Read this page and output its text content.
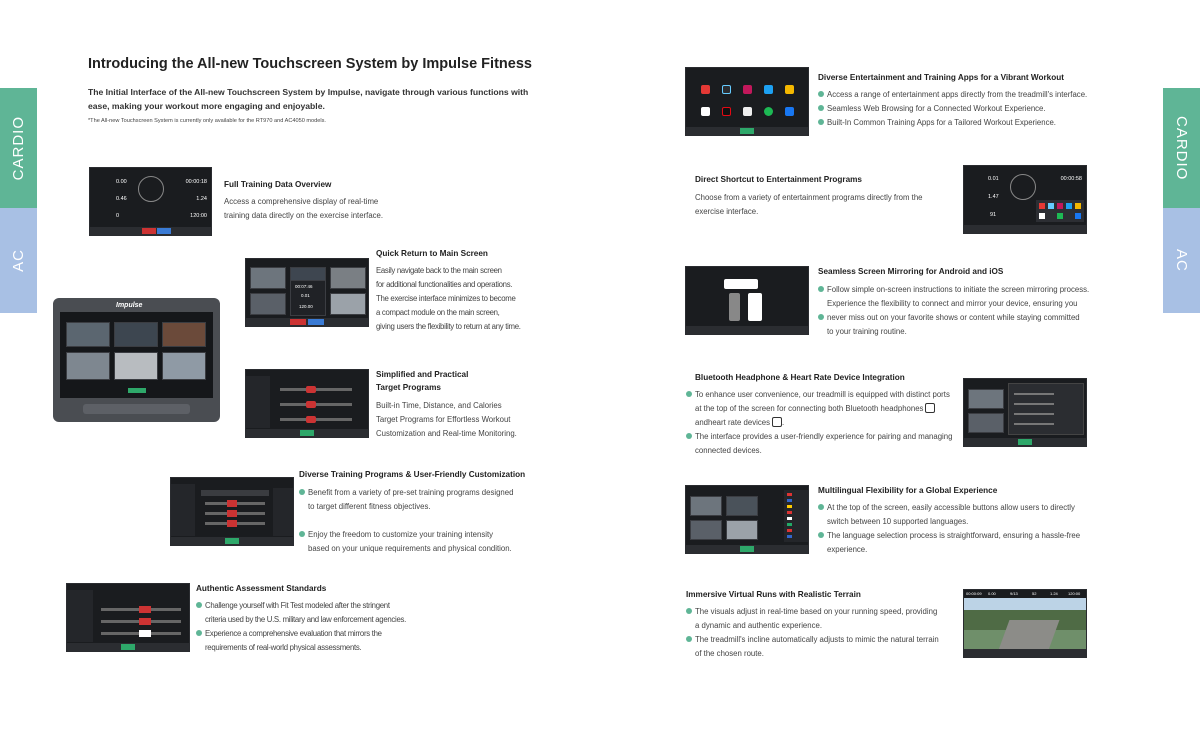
CARDIO
AC
CARDIO
AC
Introducing the All-new Touchscreen System by Impulse Fitness
The Initial Interface of the All-new Touchscreen System by Impulse, navigate through various functions with ease, making your workout more engaging and enjoyable.
*The All-new Touchscreen System is currently only available for the RT970 and AC4050 models.
Impulse
0.00	00:00:18
0.46	1.24
0	120:00
Full Training Data Overview
Access a comprehensive display of real-time
training data directly on the exercise interface.
00:07:46
0.01
120.00
Quick Return to Main Screen
Easily navigate back to the main screen
for additional functionalities and operations.
The exercise interface minimizes to become
a compact module on the main screen,
giving users the flexibility to return at any time.
Simplified and Practical
Target Programs
Built-in Time, Distance, and Calories
Target Programs for Effortless Workout
Customization and Real-time Monitoring.
Diverse Training Programs & User-Friendly Customization
Benefit from a variety of pre-set training programs designed
to target different fitness objectives.
Enjoy the freedom to customize your training intensity
based on your unique requirements and physical condition.
Authentic Assessment Standards
Challenge yourself with Fit Test modeled after the stringent
criteria used by the U.S. military and law enforcement agencies.
Experience a comprehensive evaluation that mirrors the
requirements of real-world physical assessments.
Diverse Entertainment and Training Apps for a Vibrant Workout
Access a range of entertainment apps directly from the treadmill's interface.
Seamless Web Browsing for a Connected Workout Experience.
Built-In Common Training Apps for a Tailored Workout Experience.
0.01	00:00:58
1.47
91
Direct Shortcut to Entertainment Programs
Choose from a variety of entertainment programs directly from the
exercise interface.
Seamless Screen Mirroring for Android and iOS
Follow simple on-screen instructions to initiate the screen mirroring process.
Experience the flexibility to connect and mirror your device, ensuring you
never miss out on your favorite shows or content while staying committed
to your training routine.
Bluetooth Headphone & Heart Rate Device Integration
To enhance user convenience, our treadmill is equipped with distinct ports
at the top of the screen for connecting both Bluetooth headphones
andheart rate devices .
The interface provides a user-friendly experience for pairing and managing
connected devices.
Multilingual Flexibility for a Global Experience
At the top of the screen, easily accessible buttons allow users to directly
switch between 10 supported languages.
The language selection process is straightforward, ensuring a hassle-free
experience.
00:00:09 0.00	9/13	52	1.24	120:00
Immersive Virtual Runs with Realistic Terrain
The visuals adjust in real-time based on your running speed, providing
a dynamic and authentic experience.
The treadmill's incline automatically adjusts to mimic the natural terrain
of the chosen route.
